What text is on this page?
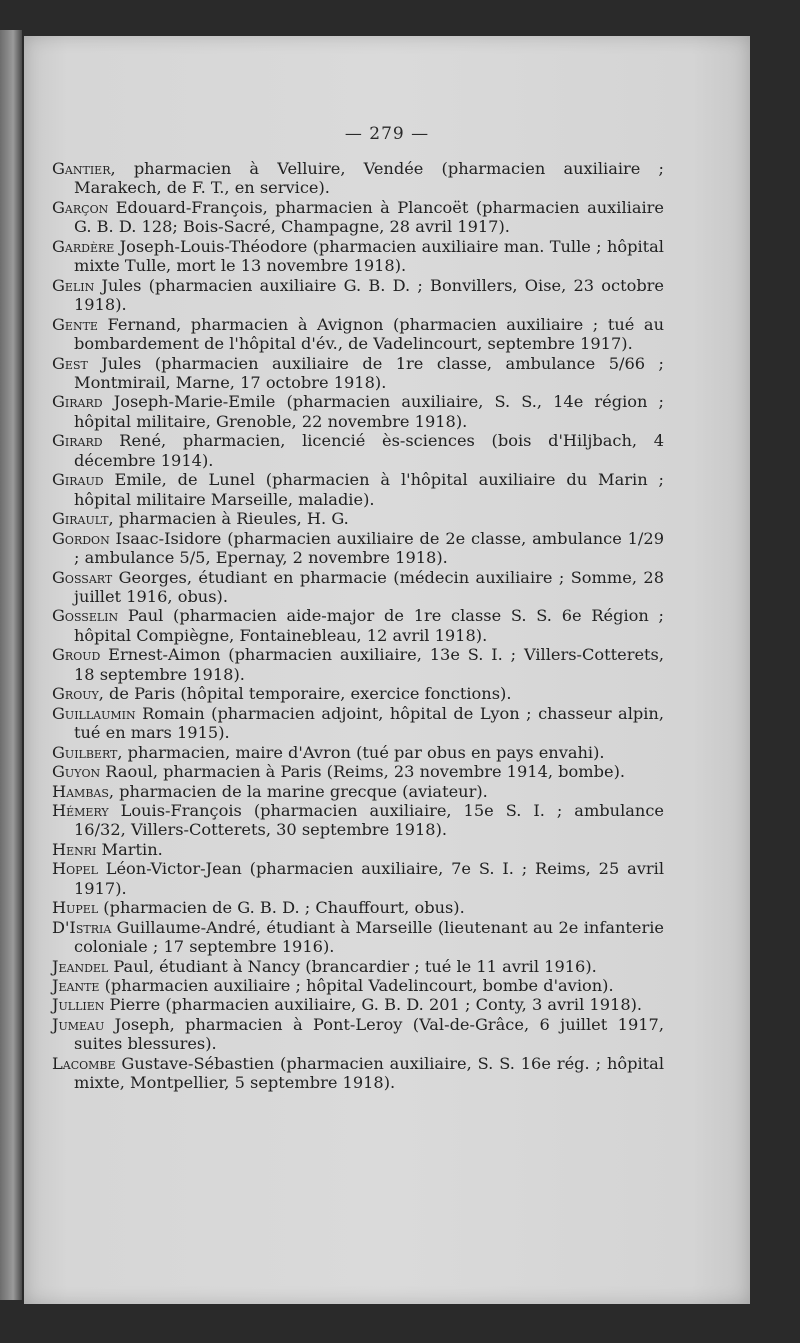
— 279 —

Gantier, pharmacien à Velluire, Vendée (pharmacien auxiliaire ; Marakech, de F. T., en service).

Garçon Edouard-François, pharmacien à Plancoët (pharmacien auxiliaire G. B. D. 128; Bois-Sacré, Champagne, 28 avril 1917).

Gardère Joseph-Louis-Théodore (pharmacien auxiliaire man. Tulle ; hôpital mixte Tulle, mort le 13 novembre 1918).

Gelin Jules (pharmacien auxiliaire G. B. D. ; Bonvillers, Oise, 23 octobre 1918).

Gente Fernand, pharmacien à Avignon (pharmacien auxiliaire ; tué au bombardement de l'hôpital d'év., de Vadelincourt, septembre 1917).

Gest Jules (pharmacien auxiliaire de 1re classe, ambulance 5/66 ; Montmirail, Marne, 17 octobre 1918).

Girard Joseph-Marie-Emile (pharmacien auxiliaire, S. S., 14e région ; hôpital militaire, Grenoble, 22 novembre 1918).

Girard René, pharmacien, licencié ès-sciences (bois d'Hiljbach, 4 décembre 1914).

Giraud Emile, de Lunel (pharmacien à l'hôpital auxiliaire du Marin ; hôpital militaire Marseille, maladie).

Girault, pharmacien à Rieules, H. G.

Gordon Isaac-Isidore (pharmacien auxiliaire de 2e classe, ambulance 1/29 ; ambulance 5/5, Epernay, 2 novembre 1918).

Gossart Georges, étudiant en pharmacie (médecin auxiliaire ; Somme, 28 juillet 1916, obus).

Gosselin Paul (pharmacien aide-major de 1re classe S. S. 6e Région ; hôpital Compiègne, Fontainebleau, 12 avril 1918).

Groud Ernest-Aimon (pharmacien auxiliaire, 13e S. I. ; Villers-Cotterets, 18 septembre 1918).

Grouy, de Paris (hôpital temporaire, exercice fonctions).

Guillaumin Romain (pharmacien adjoint, hôpital de Lyon ; chasseur alpin, tué en mars 1915).

Guilbert, pharmacien, maire d'Avron (tué par obus en pays envahi).

Guyon Raoul, pharmacien à Paris (Reims, 23 novembre 1914, bombe).

Hambas, pharmacien de la marine grecque (aviateur).

Hémery Louis-François (pharmacien auxiliaire, 15e S. I. ; ambulance 16/32, Villers-Cotterets, 30 septembre 1918).

Henri Martin.

Hopel Léon-Victor-Jean (pharmacien auxiliaire, 7e S. I. ; Reims, 25 avril 1917).

Hupel (pharmacien de G. B. D. ; Chauffourt, obus).

D'Istria Guillaume-André, étudiant à Marseille (lieutenant au 2e infanterie coloniale ; 17 septembre 1916).

Jeandel Paul, étudiant à Nancy (brancardier ; tué le 11 avril 1916).

Jeante (pharmacien auxiliaire ; hôpital Vadelincourt, bombe d'avion).

Jullien Pierre (pharmacien auxiliaire, G. B. D. 201 ; Conty, 3 avril 1918).

Jumeau Joseph, pharmacien à Pont-Leroy (Val-de-Grâce, 6 juillet 1917, suites blessures).

Lacombe Gustave-Sébastien (pharmacien auxiliaire, S. S. 16e rég. ; hôpital mixte, Montpellier, 5 septembre 1918).
